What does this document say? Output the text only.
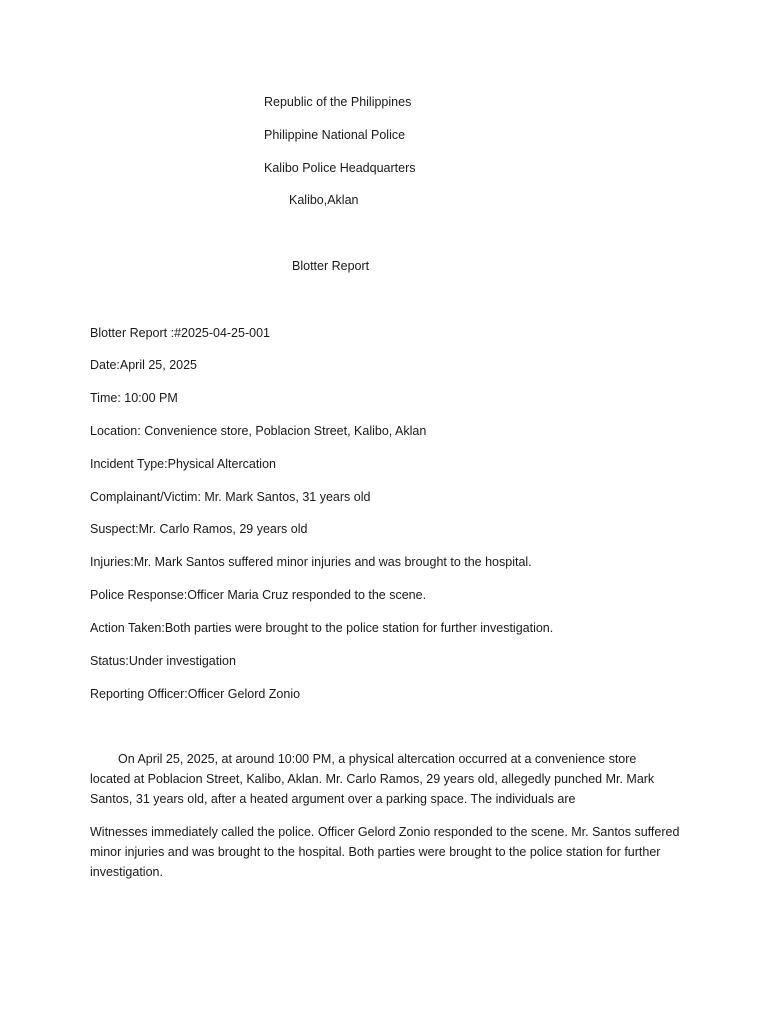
Republic of the Philippines
Philippine National Police
Kalibo Police Headquarters
Kalibo,Aklan
Blotter Report
Blotter Report :#2025-04-25-001
Date:April 25, 2025
Time: 10:00 PM
Location: Convenience store, Poblacion Street, Kalibo, Aklan
Incident Type:Physical Altercation
Complainant/Victim: Mr. Mark Santos, 31 years old
Suspect:Mr. Carlo Ramos, 29 years old
Injuries:Mr. Mark Santos suffered minor injuries and was brought to the hospital.
Police Response:Officer Maria Cruz responded to the scene.
Action Taken:Both parties were brought to the police station for further investigation.
Status:Under investigation
Reporting Officer:Officer Gelord Zonio

On April 25, 2025, at around 10:00 PM, a physical altercation occurred at a convenience store located at Poblacion Street, Kalibo, Aklan. Mr. Carlo Ramos, 29 years old, allegedly punched Mr. Mark Santos, 31 years old, after a heated argument over a parking space. The individuals are

Witnesses immediately called the police. Officer Gelord Zonio responded to the scene. Mr. Santos suffered minor injuries and was brought to the hospital. Both parties were brought to the police station for further investigation.
